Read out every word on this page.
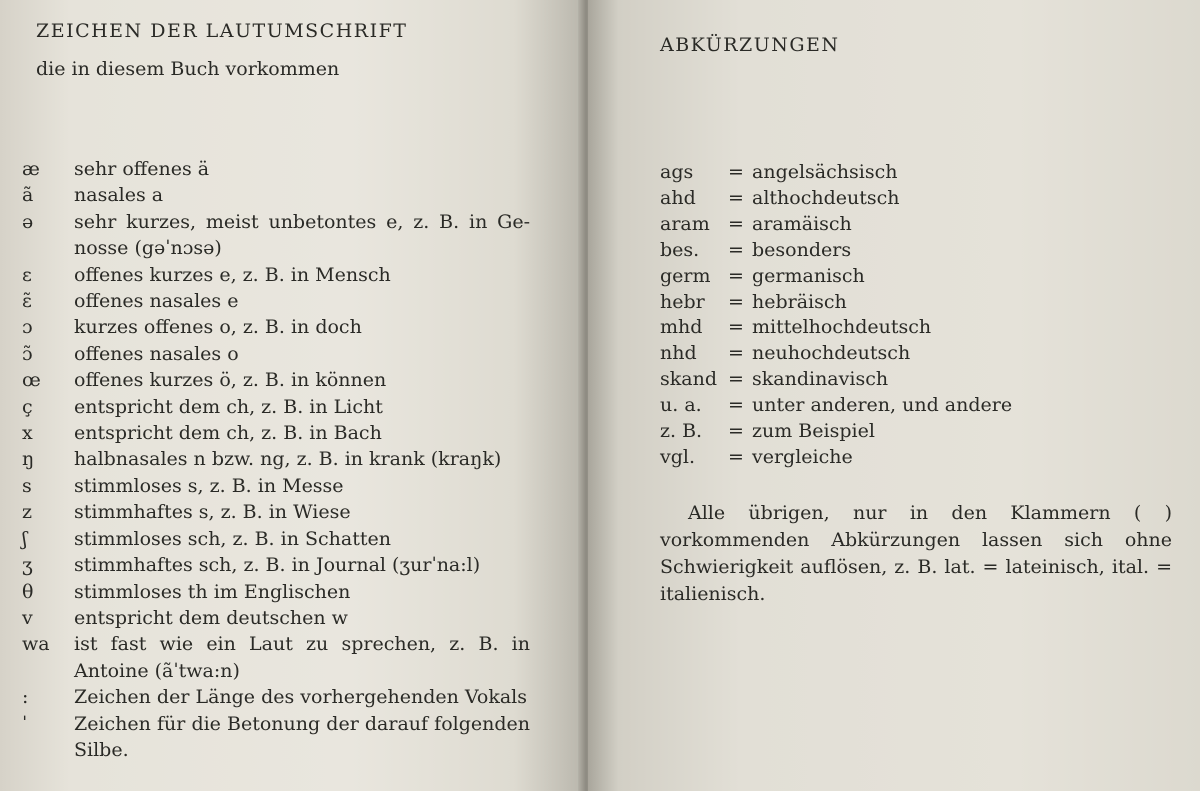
ZEICHEN DER LAUTUMSCHRIFT
die in diesem Buch vorkommen
æ	sehr offenes ä
ã	nasales a
ə	sehr kurzes, meist unbetontes e, z. B. in Ge-
nosse (gəˈnɔsə)
ɛ	offenes kurzes e, z. B. in Mensch
ɛ̃	offenes nasales e
ɔ	kurzes offenes o, z. B. in doch
ɔ̃	offenes nasales o
œ	offenes kurzes ö, z. B. in können
ç	entspricht dem ch, z. B. in Licht
x	entspricht dem ch, z. B. in Bach
ŋ	halbnasales n bzw. ng, z. B. in krank (kraŋk)
s	stimmloses s, z. B. in Messe
z	stimmhaftes s, z. B. in Wiese
ʃ	stimmloses sch, z. B. in Schatten
ʒ	stimmhaftes sch, z. B. in Journal (ʒurˈna:l)
θ	stimmloses th im Englischen
v	entspricht dem deutschen w
wa	ist fast wie ein Laut zu sprechen, z. B. in
Antoine (ãˈtwa:n)
:	Zeichen der Länge des vorhergehenden Vokals
ˈ	Zeichen für die Betonung der darauf folgenden
Silbe.
ABKÜRZUNGEN
ags = angelsächsisch
ahd = althochdeutsch
aram = aramäisch
bes. = besonders
germ = germanisch
hebr = hebräisch
mhd = mittelhochdeutsch
nhd = neuhochdeutsch
skand = skandinavisch
u. a. = unter anderen, und andere
z. B. = zum Beispiel
vgl. = vergleiche

Alle übrigen, nur in den Klammern ( ) vorkommenden Abkürzungen lassen sich ohne Schwierigkeit auflösen, z. B. lat. = lateinisch, ital. = italienisch.
